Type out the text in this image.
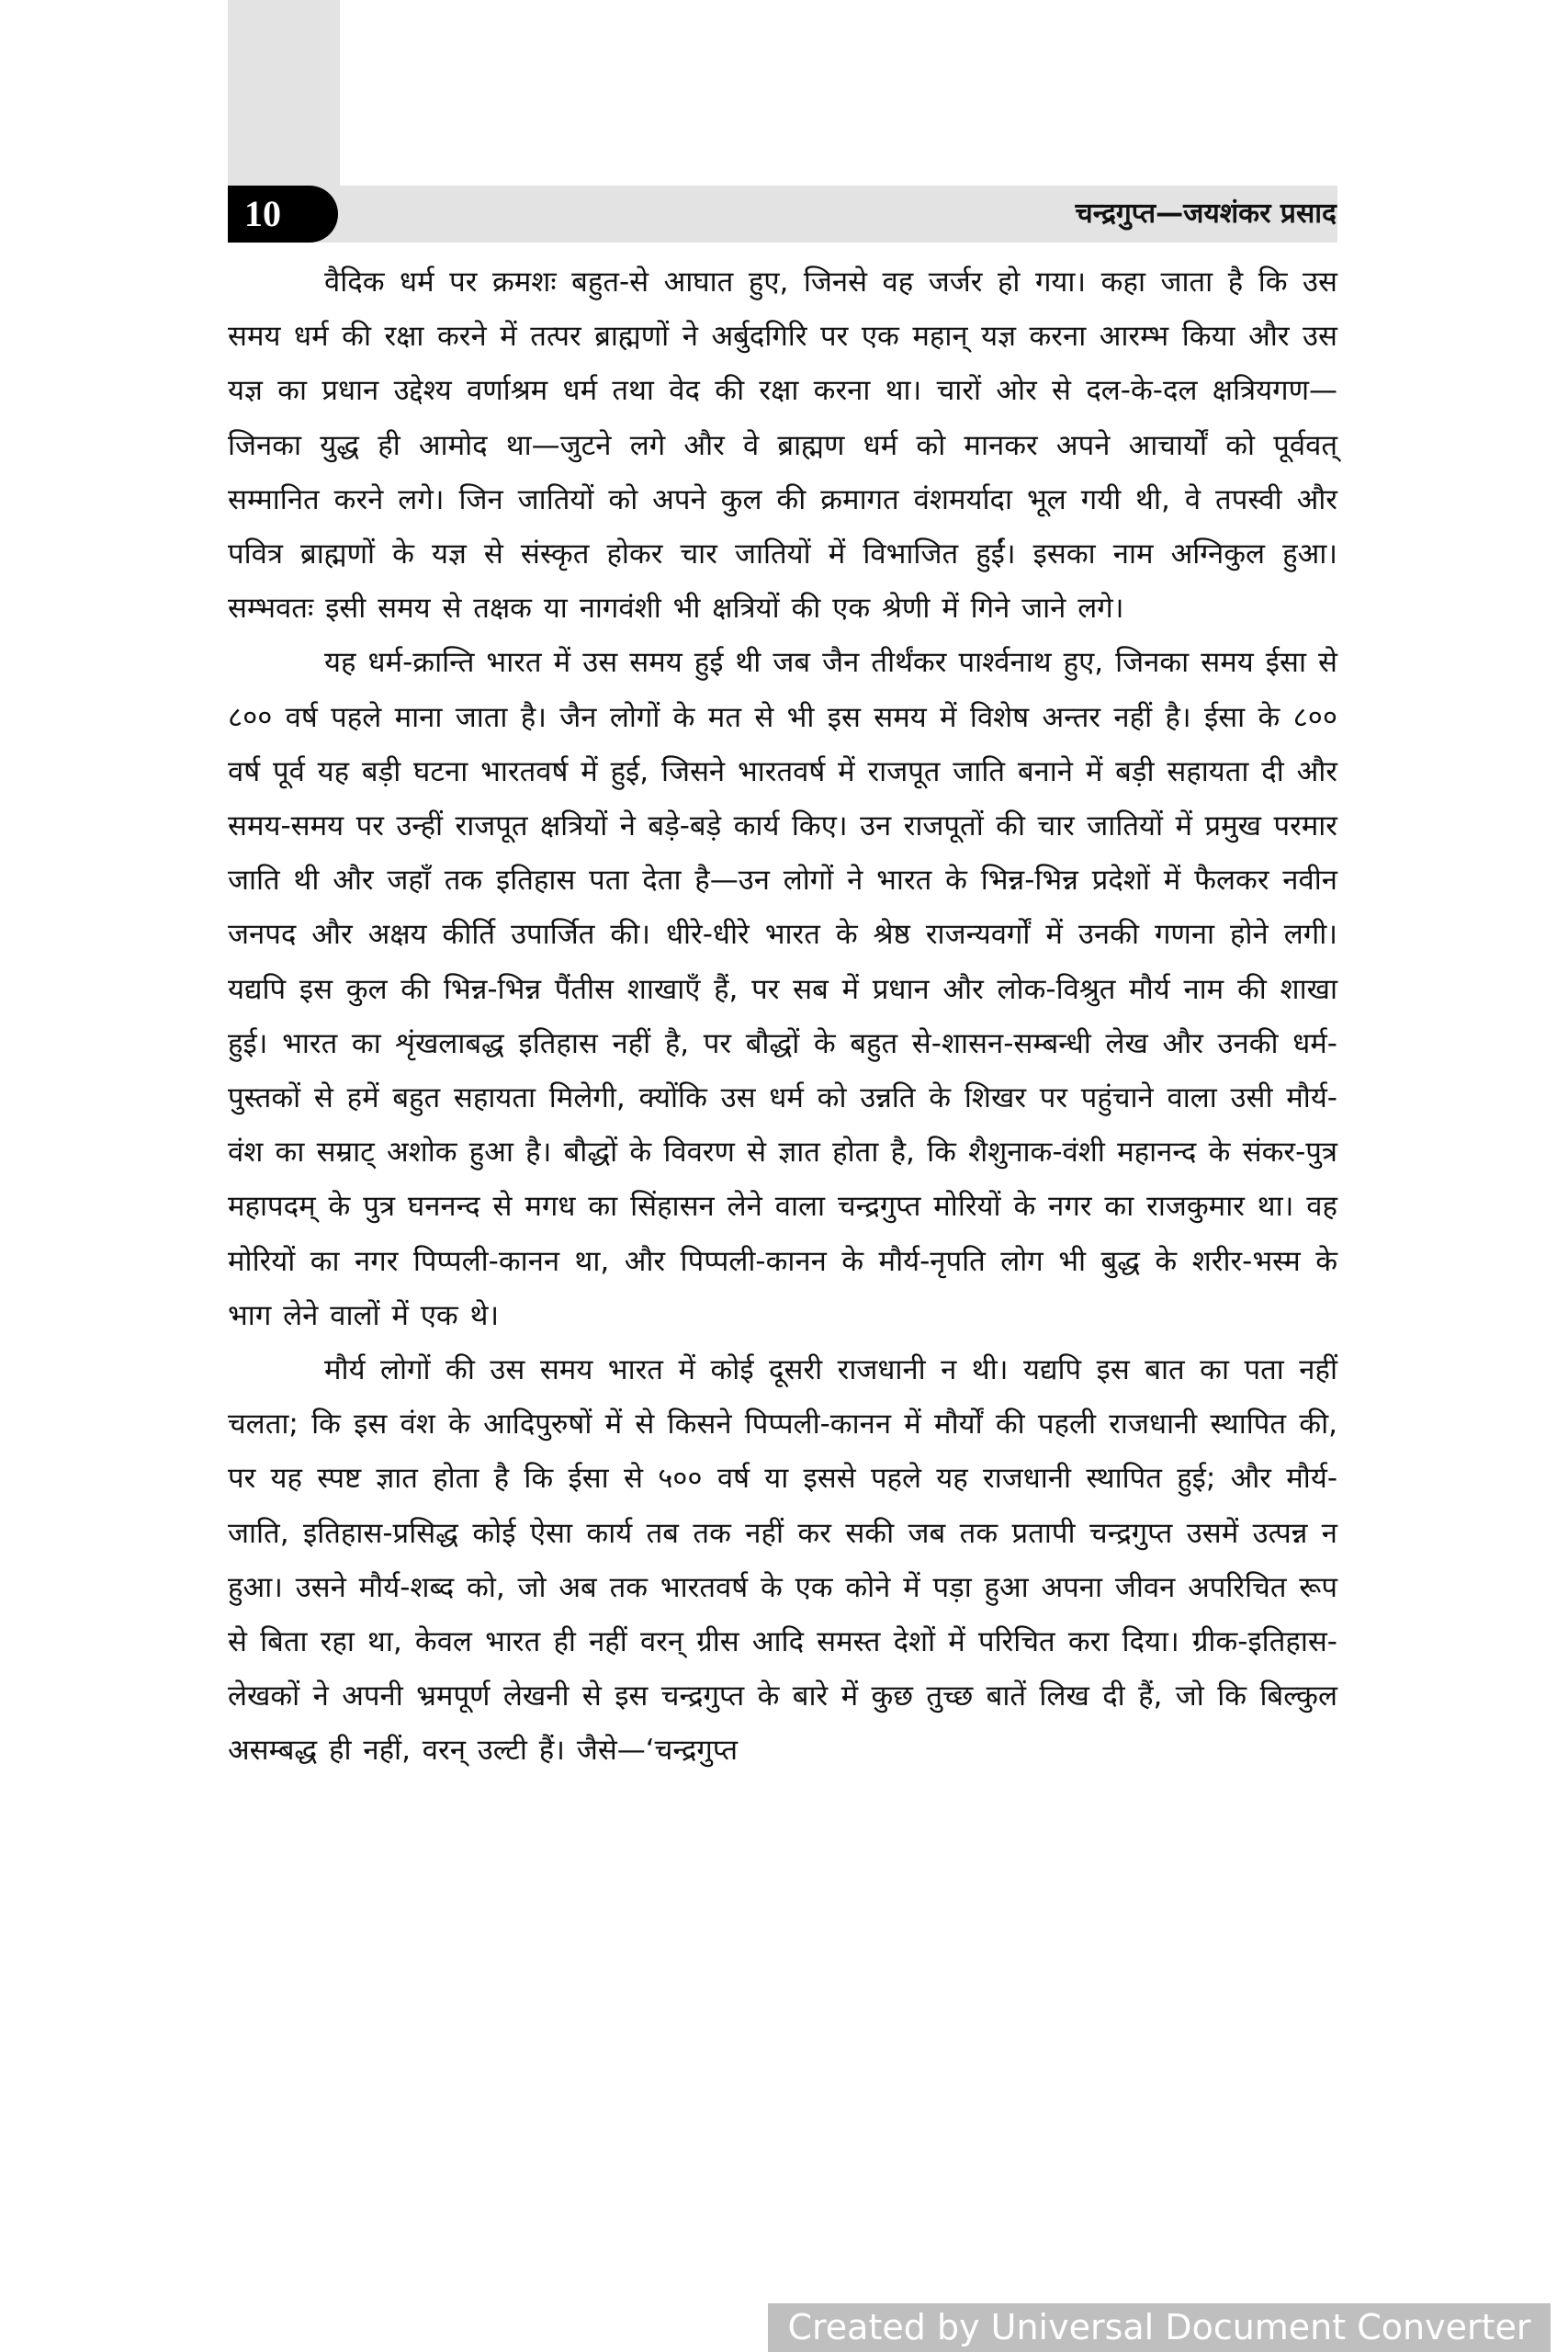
10	चन्द्रगुप्त—जयशंकर प्रसाद

वैदिक धर्म पर क्रमशः बहुत-से आघात हुए, जिनसे वह जर्जर हो गया। कहा जाता है कि उस समय धर्म की रक्षा करने में तत्पर ब्राह्मणों ने अर्बुदगिरि पर एक महान् यज्ञ करना आरम्भ किया और उस यज्ञ का प्रधान उद्देश्य वर्णाश्रम धर्म तथा वेद की रक्षा करना था। चारों ओर से दल-के-दल क्षत्रियगण—जिनका युद्ध ही आमोद था—जुटने लगे और वे ब्राह्मण धर्म को मानकर अपने आचार्यों को पूर्ववत् सम्मानित करने लगे। जिन जातियों को अपने कुल की क्रमागत वंशमर्यादा भूल गयी थी, वे तपस्वी और पवित्र ब्राह्मणों के यज्ञ से संस्कृत होकर चार जातियों में विभाजित हुईं। इसका नाम अग्निकुल हुआ। सम्भवतः इसी समय से तक्षक या नागवंशी भी क्षत्रियों की एक श्रेणी में गिने जाने लगे।

यह धर्म-क्रान्ति भारत में उस समय हुई थी जब जैन तीर्थंकर पार्श्वनाथ हुए, जिनका समय ईसा से ८०० वर्ष पहले माना जाता है। जैन लोगों के मत से भी इस समय में विशेष अन्तर नहीं है। ईसा के ८०० वर्ष पूर्व यह बड़ी घटना भारतवर्ष में हुई, जिसने भारतवर्ष में राजपूत जाति बनाने में बड़ी सहायता दी और समय-समय पर उन्हीं राजपूत क्षत्रियों ने बड़े-बड़े कार्य किए। उन राजपूतों की चार जातियों में प्रमुख परमार जाति थी और जहाँ तक इतिहास पता देता है—उन लोगों ने भारत के भिन्न-भिन्न प्रदेशों में फैलकर नवीन जनपद और अक्षय कीर्ति उपार्जित की। धीरे-धीरे भारत के श्रेष्ठ राजन्यवर्गों में उनकी गणना होने लगी। यद्यपि इस कुल की भिन्न-भिन्न पैंतीस शाखाएँ हैं, पर सब में प्रधान और लोक-विश्रुत मौर्य नाम की शाखा हुई। भारत का शृंखलाबद्ध इतिहास नहीं है, पर बौद्धों के बहुत से-शासन-सम्बन्धी लेख और उनकी धर्म-पुस्तकों से हमें बहुत सहायता मिलेगी, क्योंकि उस धर्म को उन्नति के शिखर पर पहुंचाने वाला उसी मौर्य-वंश का सम्राट् अशोक हुआ है। बौद्धों के विवरण से ज्ञात होता है, कि शैशुनाक-वंशी महानन्द के संकर-पुत्र महापदम् के पुत्र घननन्द से मगध का सिंहासन लेने वाला चन्द्रगुप्त मोरियों के नगर का राजकुमार था। वह मोरियों का नगर पिप्पली-कानन था, और पिप्पली-कानन के मौर्य-नृपति लोग भी बुद्ध के शरीर-भस्म के भाग लेने वालों में एक थे।

मौर्य लोगों की उस समय भारत में कोई दूसरी राजधानी न थी। यद्यपि इस बात का पता नहीं चलता; कि इस वंश के आदिपुरुषों में से किसने पिप्पली-कानन में मौर्यों की पहली राजधानी स्थापित की, पर यह स्पष्ट ज्ञात होता है कि ईसा से ५०० वर्ष या इससे पहले यह राजधानी स्थापित हुई; और मौर्य-जाति, इतिहास-प्रसिद्ध कोई ऐसा कार्य तब तक नहीं कर सकी जब तक प्रतापी चन्द्रगुप्त उसमें उत्पन्न न हुआ। उसने मौर्य-शब्द को, जो अब तक भारतवर्ष के एक कोने में पड़ा हुआ अपना जीवन अपरिचित रूप से बिता रहा था, केवल भारत ही नहीं वरन् ग्रीस आदि समस्त देशों में परिचित करा दिया। ग्रीक-इतिहास-लेखकों ने अपनी भ्रमपूर्ण लेखनी से इस चन्द्रगुप्त के बारे में कुछ तुच्छ बातें लिख दी हैं, जो कि बिल्कुल असम्बद्ध ही नहीं, वरन् उल्टी हैं। जैसे—‘चन्द्रगुप्त

Created by Universal Document Converter
